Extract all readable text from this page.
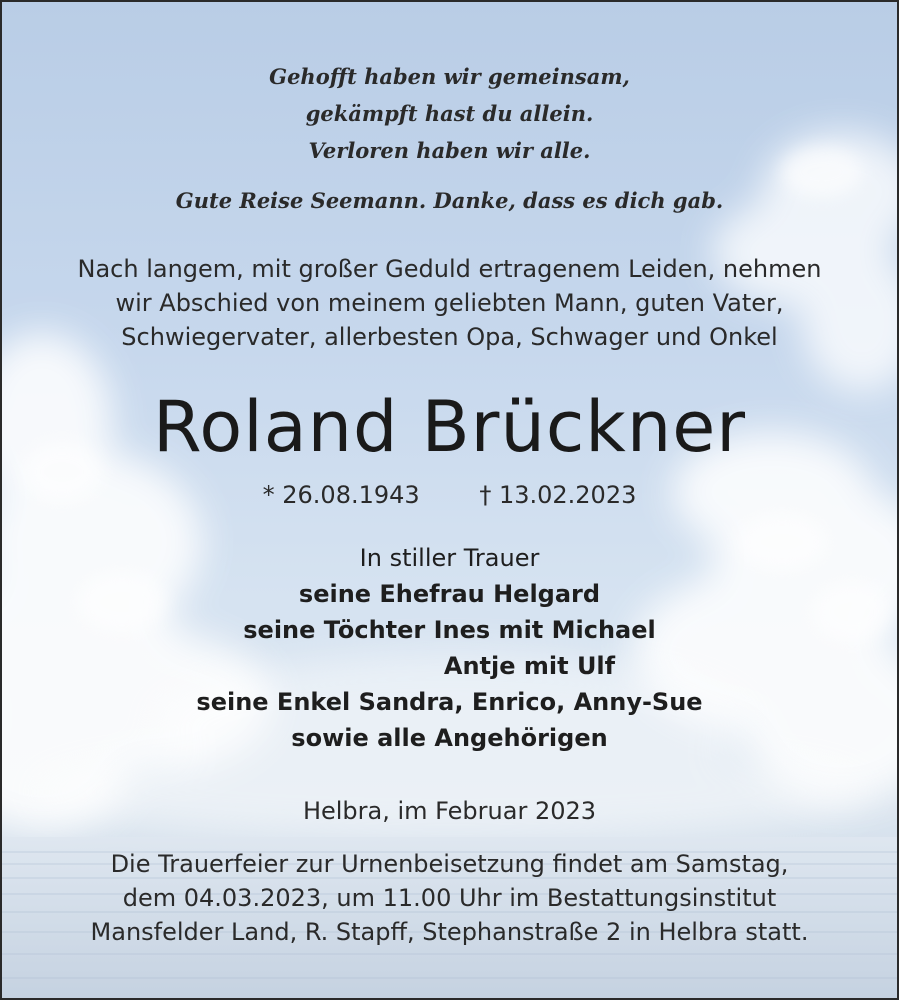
Gehofft haben wir gemeinsam,
gekämpft hast du allein.
Verloren haben wir alle.
Gute Reise Seemann. Danke, dass es dich gab.
Nach langem, mit großer Geduld ertragenem Leiden, nehmen
wir Abschied von meinem geliebten Mann, guten Vater,
Schwiegervater, allerbesten Opa, Schwager und Onkel
Roland Brückner
* 26.08.1943 † 13.02.2023
In stiller Trauer
seine Ehefrau Helgard
seine Töchter Ines mit Michael
Antje mit Ulf
seine Enkel Sandra, Enrico, Anny-Sue
sowie alle Angehörigen
Helbra, im Februar 2023
Die Trauerfeier zur Urnenbeisetzung findet am Samstag,
dem 04.03.2023, um 11.00 Uhr im Bestattungsinstitut
Mansfelder Land, R. Stapff, Stephanstraße 2 in Helbra statt.
